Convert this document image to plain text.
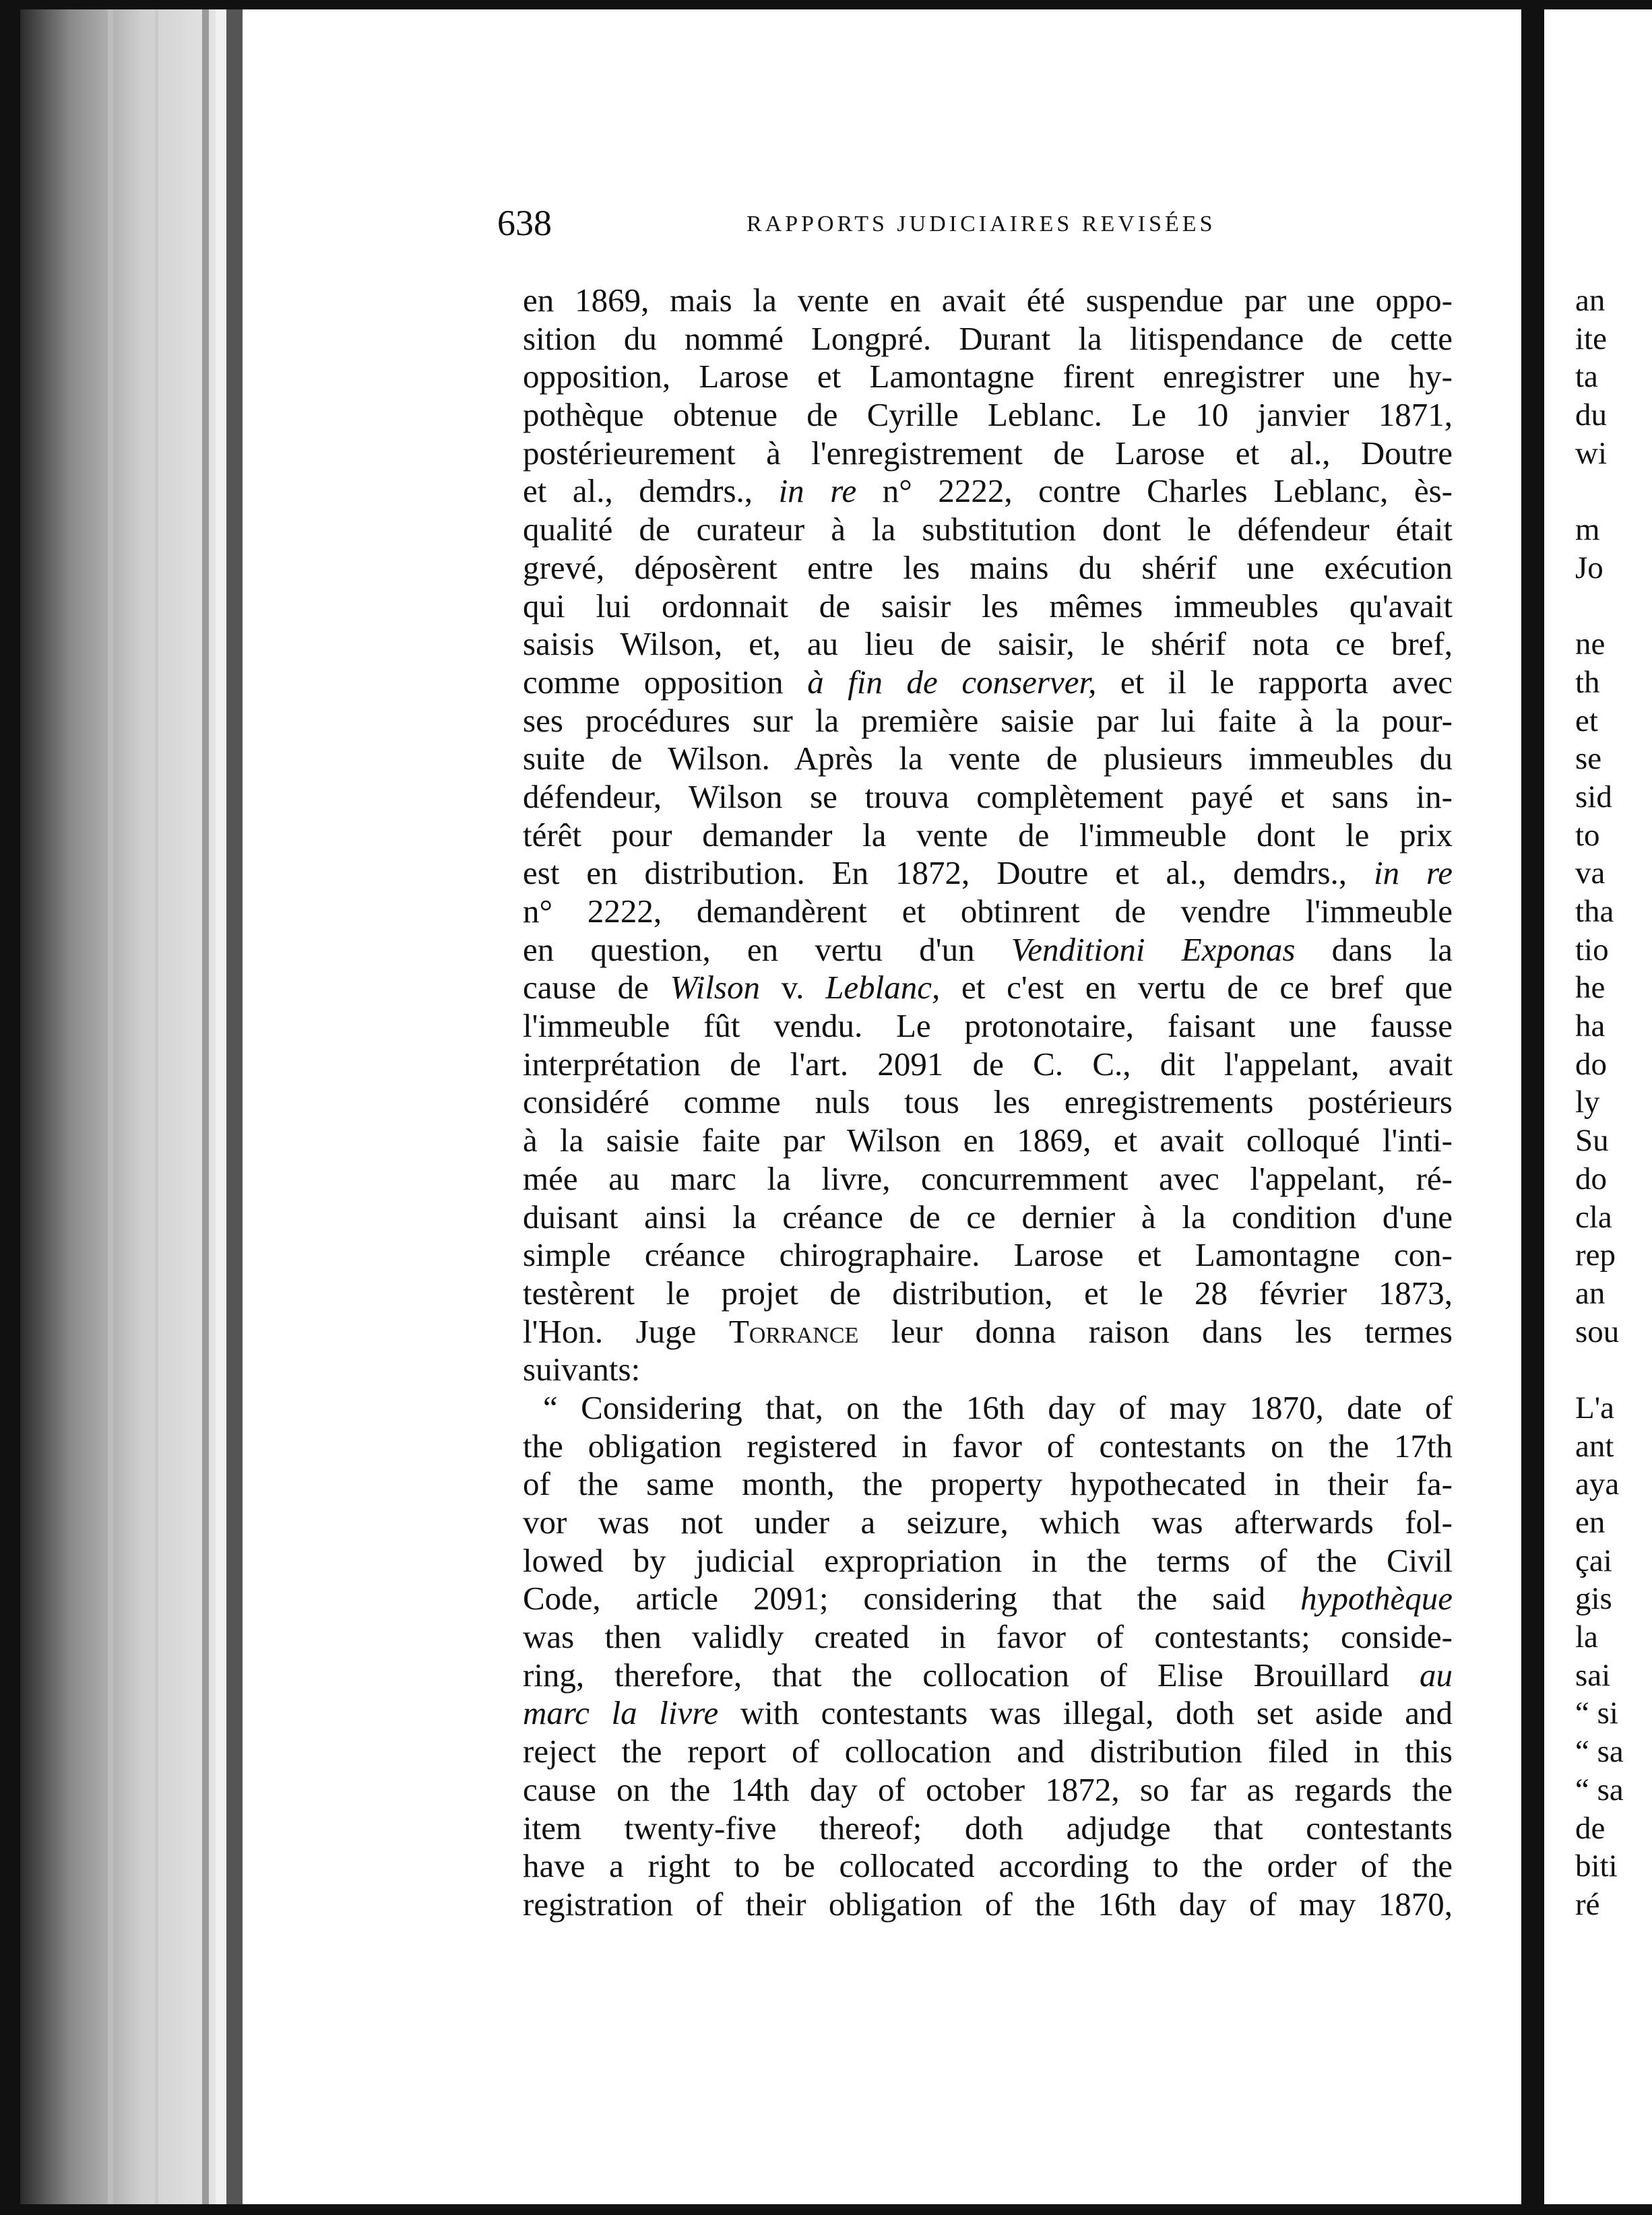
638	RAPPORTS JUDICIAIRES REVISÉES
en 1869, mais la vente en avait été suspendue par une oppo-
sition du nommé Longpré. Durant la litispendance de cette
opposition, Larose et Lamontagne firent enregistrer une hy-
pothèque obtenue de Cyrille Leblanc. Le 10 janvier 1871,
postérieurement à l'enregistrement de Larose et al., Doutre
et al., demdrs., in re n° 2222, contre Charles Leblanc, ès-
qualité de curateur à la substitution dont le défendeur était
grevé, déposèrent entre les mains du shérif une exécution
qui lui ordonnait de saisir les mêmes immeubles qu'avait
saisis Wilson, et, au lieu de saisir, le shérif nota ce bref,
comme opposition à fin de conserver, et il le rapporta avec
ses procédures sur la première saisie par lui faite à la pour-
suite de Wilson. Après la vente de plusieurs immeubles du
défendeur, Wilson se trouva complètement payé et sans in-
térêt pour demander la vente de l'immeuble dont le prix
est en distribution. En 1872, Doutre et al., demdrs., in re
n° 2222, demandèrent et obtinrent de vendre l'immeuble
en question, en vertu d'un Venditioni Exponas dans la
cause de Wilson v. Leblanc, et c'est en vertu de ce bref que
l'immeuble fût vendu. Le protonotaire, faisant une fausse
interprétation de l'art. 2091 de C. C., dit l'appelant, avait
considéré comme nuls tous les enregistrements postérieurs
à la saisie faite par Wilson en 1869, et avait colloqué l'inti-
mée au marc la livre, concurremment avec l'appelant, ré-
duisant ainsi la créance de ce dernier à la condition d'une
simple créance chirographaire. Larose et Lamontagne con-
testèrent le projet de distribution, et le 28 février 1873,
l'Hon. Juge Torrance leur donna raison dans les termes
suivants:
“ Considering that, on the 16th day of may 1870, date of
the obligation registered in favor of contestants on the 17th
of the same month, the property hypothecated in their fa-
vor was not under a seizure, which was afterwards fol-
lowed by judicial expropriation in the terms of the Civil
Code, article 2091; considering that the said hypothèque
was then validly created in favor of contestants; conside-
ring, therefore, that the collocation of Elise Brouillard au
marc la livre with contestants was illegal, doth set aside and
reject the report of collocation and distribution filed in this
cause on the 14th day of october 1872, so far as regards the
item twenty-five thereof; doth adjudge that contestants
have a right to be collocated according to the order of the
registration of their obligation of the 16th day of may 1870,
an
ite
ta
du
wi
m
Jo
ne
th
et
se
sid
to
va
tha
tio
he
ha
do
ly
Su
do
cla
rep
an
sou
L'a
ant
aya
en
çai
gis
la
sai
“ si
“ sa
“ sa
de
biti
ré
